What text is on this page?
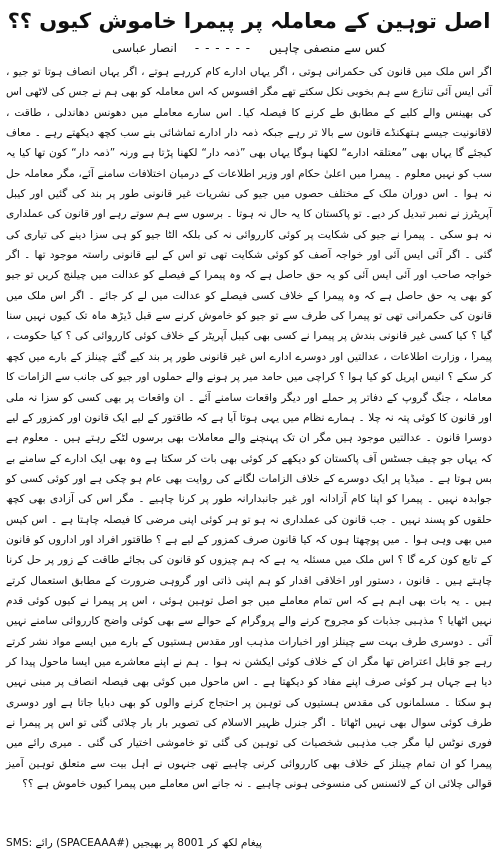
اصل توہین کے معاملہ پر پیمرا خاموش کیوں ؟؟
کس سے منصفی چاہیں
- - - - - -
انصار عباسی

اگر اس ملک میں قانون کی حکمرانی ہوتی ، اگر یہاں ادارے کام کررہے ہوتے ، اگر یہاں انصاف ہوتا تو جیو ، آئی ایس آئی تنازع سے ہم بخوبی نکل سکتے تھے مگر افسوس کہ اس معاملہ کو بھی ہم نے جس کی لاٹھی اس کی بھینس والے کلیے کے مطابق طے کرنے کا فیصلہ کیا۔ اس سارے معاملے میں دھونس دھاندلی ، طاقت ، لاقانونیت جیسے ہتھکنڈے قانون سے بالا تر رہے جبکہ ذمہ دار ادارے تماشائی بنے سب کچھ دیکھتے رہے ۔ معاف کیجئے گا یہاں بھی ”معتلقہ ادارے“ لکھنا ہوگا یہاں بھی ”ذمہ دار“ لکھنا پڑتا ہے ورنہ ”ذمہ دار“ کون تھا کیا یہ سب کو نہیں معلوم ۔ پیمرا میں اعلیٰ حکام اور وزیر اطلاعات کے درمیان اختلافات سامنے آئے، مگر معاملہ حل نہ ہوا ۔ اس دوران ملک کے مختلف حصوں میں جیو کی نشریات غیر قانونی طور پر بند کی گئیں اور کیبل آپریٹرز نے نمبر تبدیل کر دیے۔ تو پاکستان کا یہ حال نہ ہوتا ۔ برسوں سے ہم سوتے رہے اور قانون کی عملداری نہ ہو سکی ۔ پیمرا نے جیو کی شکایت پر کوئی کارروائی نہ کی بلکہ الٹا جیو کو ہی سزا دینے کی تیاری کی گئی ۔ اگر آئی ایس آئی اور خواجہ آصف کو کوئی شکایت تھی تو اس کے لیے قانونی راستہ موجود تھا ۔ اگر خواجہ صاحب اور آئی ایس آئی کو یہ حق حاصل ہے کہ وہ پیمرا کے فیصلے کو عدالت میں چیلنج کریں تو جیو کو بھی یہ حق حاصل ہے کہ وہ پیمرا کے خلاف کسی فیصلے کو عدالت میں لے کر جائے ۔ اگر اس ملک میں قانون کی حکمرانی تھی تو پیمرا کی طرف سے تو جیو کو خاموش کرنے سے قبل ڈیڑھ ماہ تک کیوں نہیں سنا گیا ؟ کیا کسی غیر قانونی بندش پر پیمرا نے کسی بھی کیبل آپریٹر کے خلاف کوئی کارروائی کی ؟ کیا حکومت ، پیمرا ، وزارت اطلاعات ، عدالتیں اور دوسرے ادارے اس غیر قانونی طور پر بند کیے گئے چینلز کے بارے میں کچھ کر سکے ؟ انیس اپریل کو کیا ہوا ؟ کراچی میں حامد میر پر ہونے والے حملوں اور جیو کی جانب سے الزامات کا معاملہ ، جنگ گروپ کے دفاتر پر حملے اور دیگر واقعات سامنے آئے ۔ ان واقعات پر بھی کسی کو سزا نہ ملی اور قانون کا کوئی پتہ نہ چلا ۔ ہمارے نظام میں یہی ہوتا آیا ہے کہ طاقتور کے لیے ایک قانون اور کمزور کے لیے دوسرا قانون ۔ عدالتیں موجود ہیں مگر ان تک پہنچنے والے معاملات بھی برسوں لٹکے رہتے ہیں ۔ معلوم ہے کہ یہاں جو چیف جسٹس آف پاکستان کو دیکھے کر کوئی بھی بات کر سکتا ہے وہ بھی ایک ادارے کے سامنے بے بس ہوتا ہے ۔ میڈیا پر ایک دوسرے کے خلاف الزامات لگانے کی روایت بھی عام ہو چکی ہے اور کوئی کسی کو جوابدہ نہیں ۔ پیمرا کو اپنا کام آزادانہ اور غیر جانبدارانہ طور پر کرنا چاہیے ۔ مگر اس کی آزادی بھی کچھ حلقوں کو پسند نہیں ۔ جب قانون کی عملداری نہ ہو تو ہر کوئی اپنی مرضی کا فیصلہ چاہتا ہے ۔ اس کیس میں بھی وہی ہوا ۔ میں پوچھتا ہوں کہ کیا قانون صرف کمزور کے لیے ہے ؟ طاقتور افراد اور اداروں کو قانون کے تابع کون کرے گا ؟ اس ملک میں مسئلہ یہ ہے کہ ہم چیزوں کو قانون کی بجائے طاقت کے زور پر حل کرنا چاہتے ہیں ۔ قانون ، دستور اور اخلاقی اقدار کو ہم اپنی ذاتی اور گروہی ضرورت کے مطابق استعمال کرتے ہیں ۔ یہ بات بھی اہم ہے کہ اس تمام معاملے میں جو اصل توہین ہوئی ، اس پر پیمرا نے کیوں کوئی قدم نہیں اٹھایا ؟ مذہبی جذبات کو مجروح کرنے والے پروگرام کے حوالے سے بھی کوئی واضح کارروائی سامنے نہیں آئی ۔ دوسری طرف بہت سے چینلز اور اخبارات مذہب اور مقدس ہستیوں کے بارے میں ایسے مواد نشر کرتے رہے جو قابل اعتراض تھا مگر ان کے خلاف کوئی ایکشن نہ ہوا ۔ ہم نے اپنے معاشرے میں ایسا ماحول پیدا کر دیا ہے جہاں ہر کوئی صرف اپنے مفاد کو دیکھتا ہے ۔ اس ماحول میں کوئی بھی فیصلہ انصاف پر مبنی نہیں ہو سکتا ۔ مسلمانوں کی مقدس ہستیوں کی توہین پر احتجاج کرنے والوں کو بھی دبایا جاتا ہے اور دوسری طرف کوئی سوال بھی نہیں اٹھاتا ۔ اگر جنرل ظہیر الاسلام کی تصویر بار بار چلائی گئی تو اس پر پیمرا نے فوری نوٹس لیا مگر جب مذہبی شخصیات کی توہین کی گئی تو خاموشی اختیار کی گئی ۔ میری رائے میں پیمرا کو ان تمام چینلز کے خلاف بھی کارروائی کرنی چاہیے تھی جنہوں نے اہل بیت سے متعلق توہین آمیز قوالی چلائی ان کے لائسنس کی منسوخی ہونی چاہیے ۔ نہ جانے اس معاملے میں پیمرا کیوں خاموش ہے ؟؟

SMS: رائے (SPACEAAA#) پیغام لکھ کر 8001 پر بھیجیں
